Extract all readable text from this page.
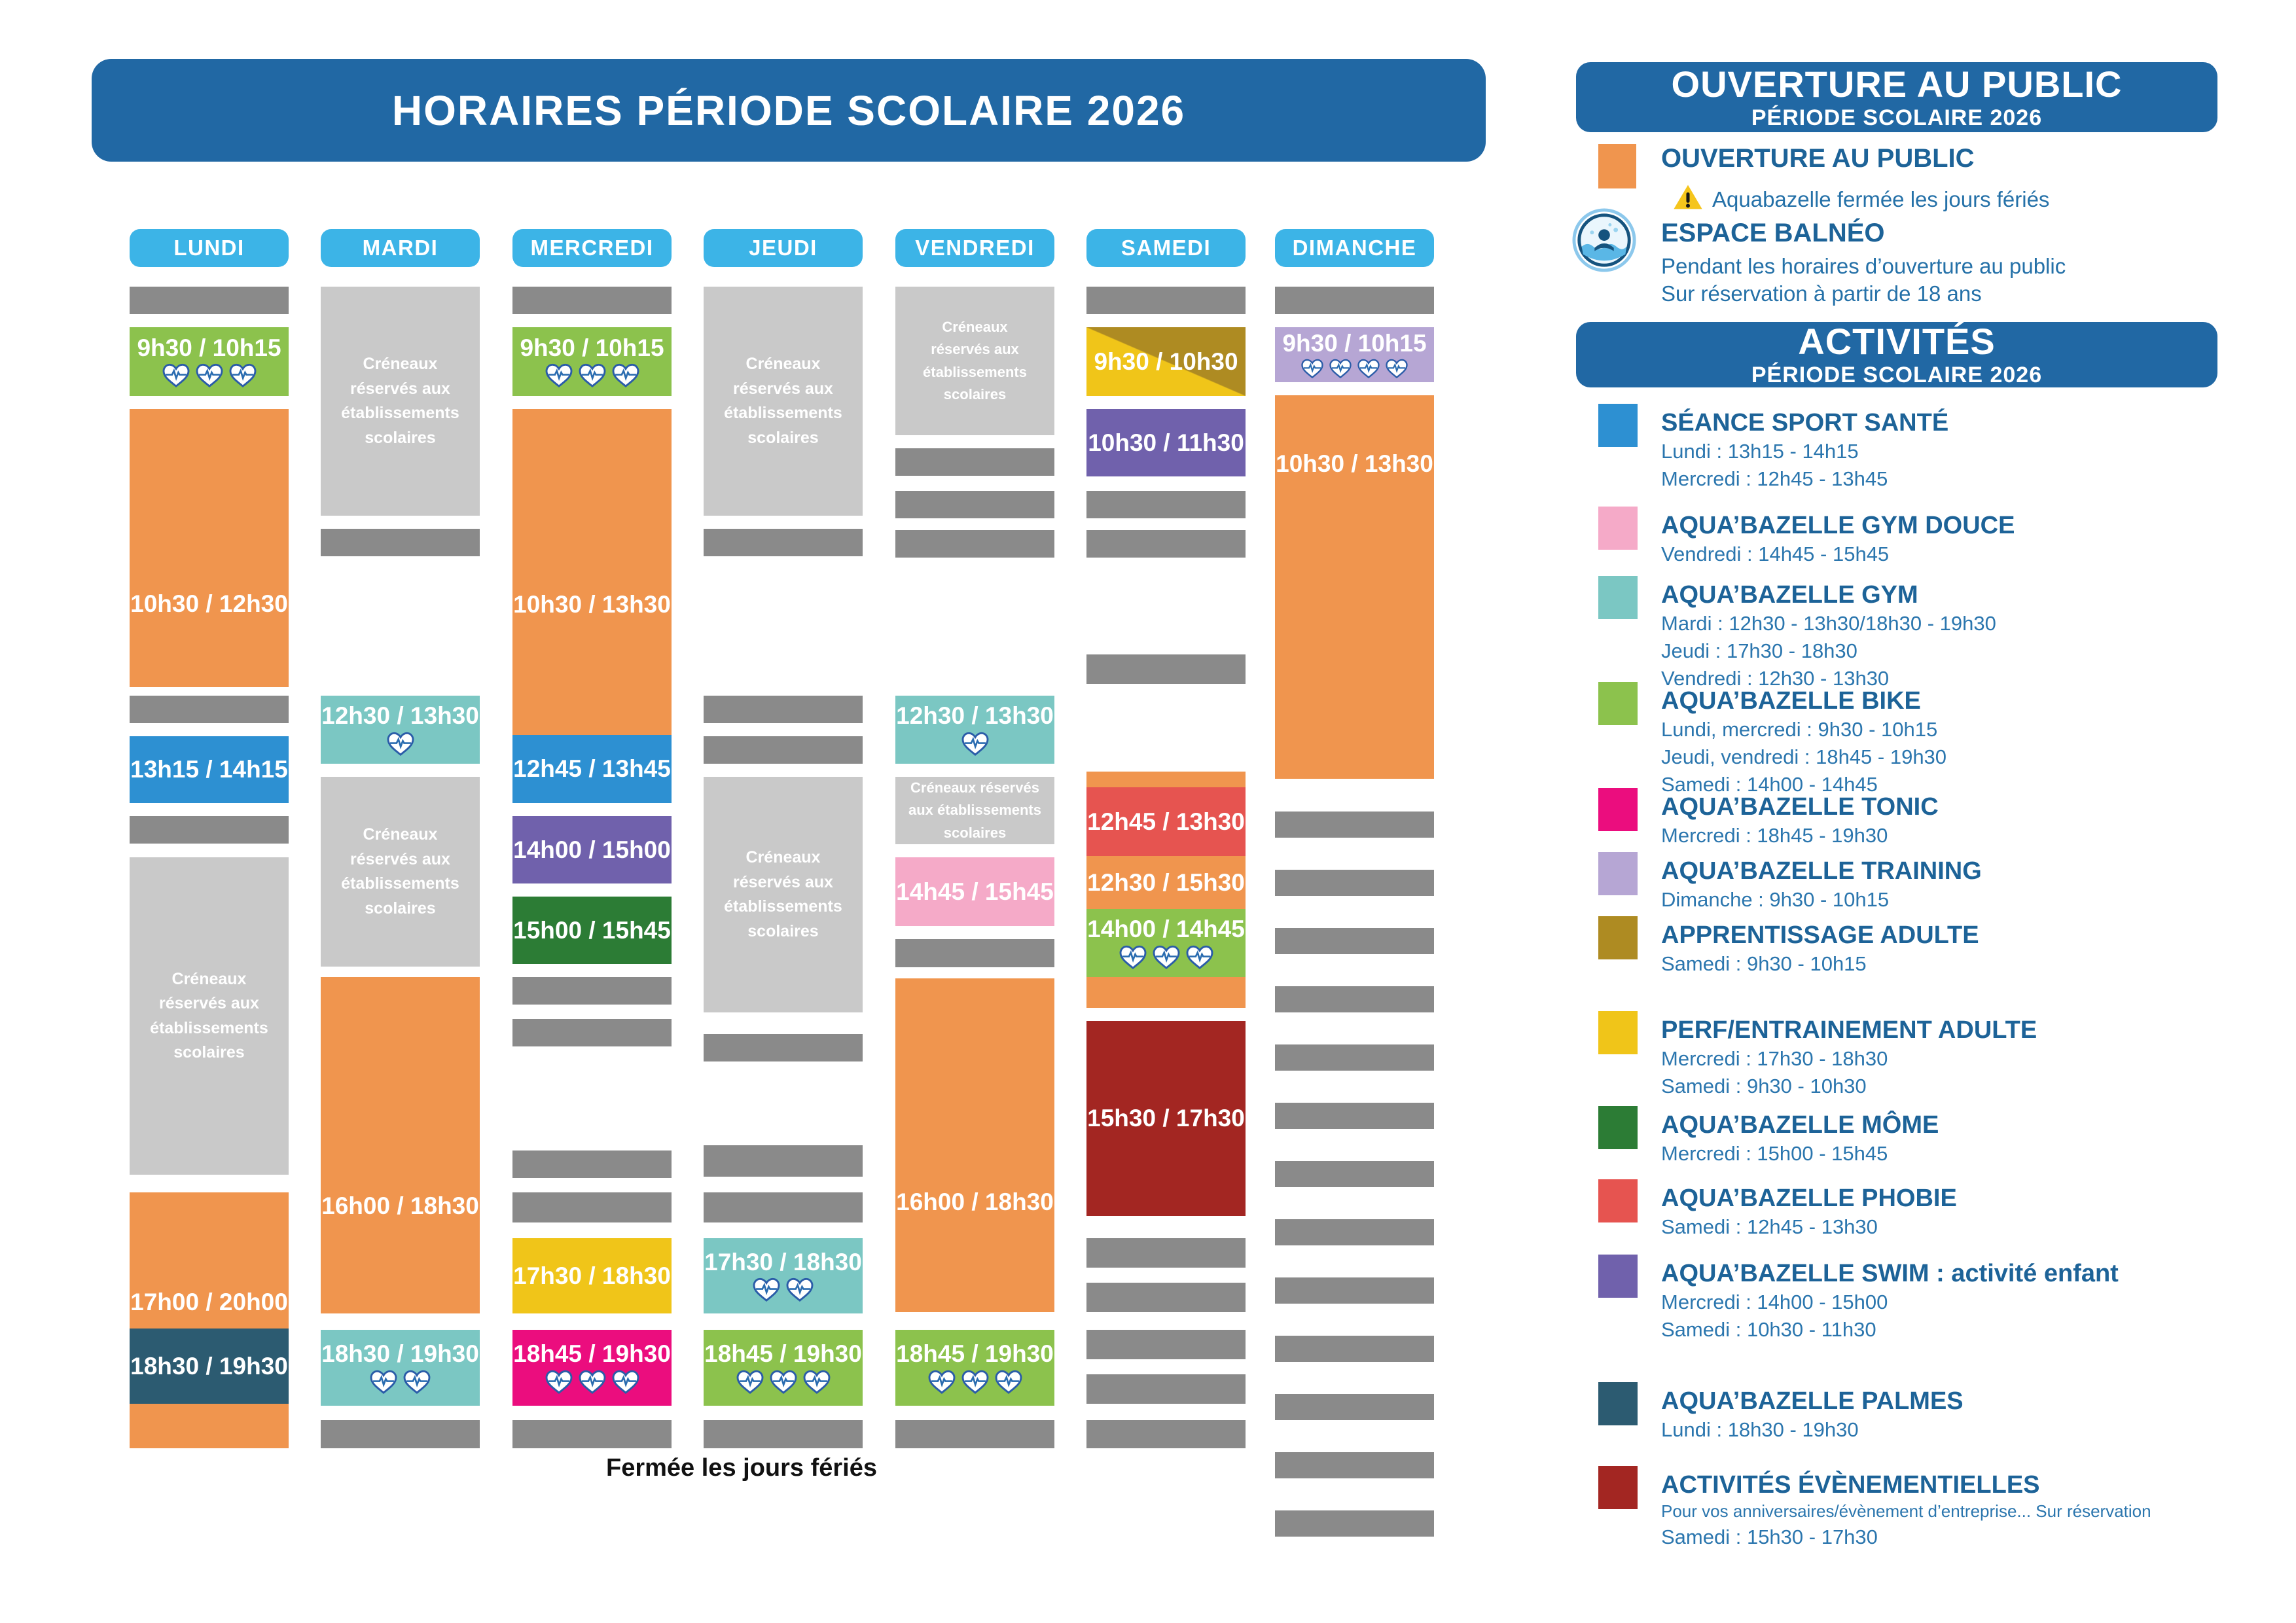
HORAIRES PÉRIODE SCOLAIRE 2026
LUNDI
9h30 / 10h15
10h30 / 12h30
13h15 / 14h15
Créneaux
réservés aux
établissements
scolaires
17h00 / 20h00
18h30 / 19h30
MARDI
Créneaux
réservés aux
établissements
scolaires
12h30 / 13h30
Créneaux
réservés aux
établissements
scolaires
16h00 / 18h30
18h30 / 19h30
MERCREDI
9h30 / 10h15
10h30 / 13h30
12h45 / 13h45
14h00 / 15h00
15h00 / 15h45
17h30 / 18h30
18h45 / 19h30
JEUDI
Créneaux
réservés aux
établissements
scolaires
Créneaux
réservés aux
établissements
scolaires
17h30 / 18h30
18h45 / 19h30
VENDREDI
Créneaux
réservés aux
établissements
scolaires
12h30 / 13h30
Créneaux réservés
aux établissements
scolaires
14h45 / 15h45
16h00 / 18h30
18h45 / 19h30
SAMEDI
9h30 / 10h30
10h30 / 11h30
12h45 / 13h30
12h30 / 15h30
14h00 / 14h45
15h30 / 17h30
DIMANCHE
9h30 / 10h15
10h30 / 13h30
Fermée les jours fériés
OUVERTURE AU PUBLIC
PÉRIODE SCOLAIRE 2026
OUVERTURE AU PUBLIC
Aquabazelle fermée les jours fériés
ESPACE BALNÉO
Pendant les horaires d’ouverture au public
Sur réservation à partir de 18 ans
ACTIVITÉS
PÉRIODE SCOLAIRE 2026
SÉANCE SPORT SANTÉ
Lundi : 13h15 - 14h15
Mercredi : 12h45 - 13h45
AQUA’BAZELLE GYM DOUCE
Vendredi : 14h45 - 15h45
AQUA’BAZELLE GYM
Mardi : 12h30 - 13h30/18h30 - 19h30
Jeudi : 17h30 - 18h30
Vendredi : 12h30 - 13h30
AQUA’BAZELLE BIKE
Lundi, mercredi : 9h30 - 10h15
Jeudi, vendredi : 18h45 - 19h30
Samedi : 14h00 - 14h45
AQUA’BAZELLE TONIC
Mercredi : 18h45 - 19h30
AQUA’BAZELLE TRAINING
Dimanche : 9h30 - 10h15
APPRENTISSAGE ADULTE
Samedi : 9h30 - 10h15
PERF/ENTRAINEMENT ADULTE
Mercredi : 17h30 - 18h30
Samedi : 9h30 - 10h30
AQUA’BAZELLE MÔME
Mercredi : 15h00 - 15h45
AQUA’BAZELLE PHOBIE
Samedi : 12h45 - 13h30
AQUA’BAZELLE SWIM : activité enfant
Mercredi : 14h00 - 15h00
Samedi : 10h30 - 11h30
AQUA’BAZELLE PALMES
Lundi : 18h30 - 19h30
ACTIVITÉS ÉVÈNEMENTIELLES
Pour vos anniversaires/évènement d’entreprise... Sur réservation
Samedi : 15h30 - 17h30
